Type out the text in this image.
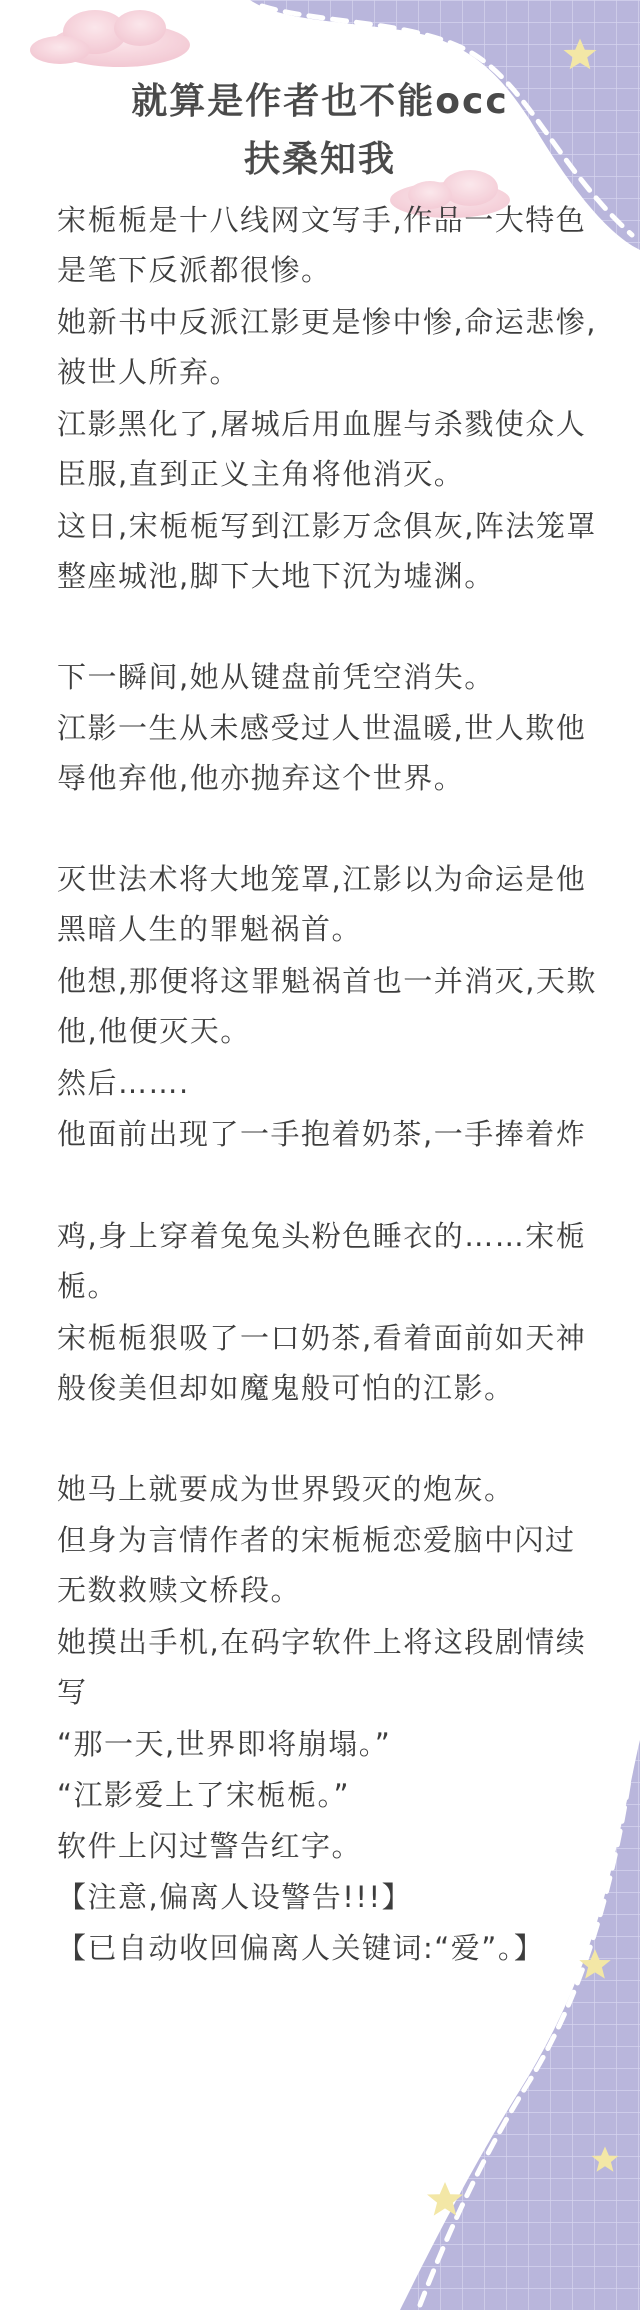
就算是作者也不能occ
扶桑知我

宋栀栀是十八线网文写手,作品一大特色是笔下反派都很惨。

她新书中反派江影更是惨中惨,命运悲惨,被世人所弃。

江影黑化了,屠城后用血腥与杀戮使众人臣服,直到正义主角将他消灭。

这日,宋栀栀写到江影万念俱灰,阵法笼罩整座城池,脚下大地下沉为墟渊。

下一瞬间,她从键盘前凭空消失。

江影一生从未感受过人世温暖,世人欺他辱他弃他,他亦抛弃这个世界。

灭世法术将大地笼罩,江影以为命运是他黑暗人生的罪魁祸首。

他想,那便将这罪魁祸首也一并消灭,天欺他,他便灭天。

然后…….

他面前出现了一手抱着奶茶,一手捧着炸

鸡,身上穿着兔兔头粉色睡衣的……宋栀栀。

宋栀栀狠吸了一口奶茶,看着面前如天神般俊美但却如魔鬼般可怕的江影。

她马上就要成为世界毁灭的炮灰。

但身为言情作者的宋栀栀恋爱脑中闪过无数救赎文桥段。

她摸出手机,在码字软件上将这段剧情续写

“那一天,世界即将崩塌。”

“江影爱上了宋栀栀。”

软件上闪过警告红字。

【注意,偏离人设警告!!!】

【已自动收回偏离人关键词:“爱”。】
